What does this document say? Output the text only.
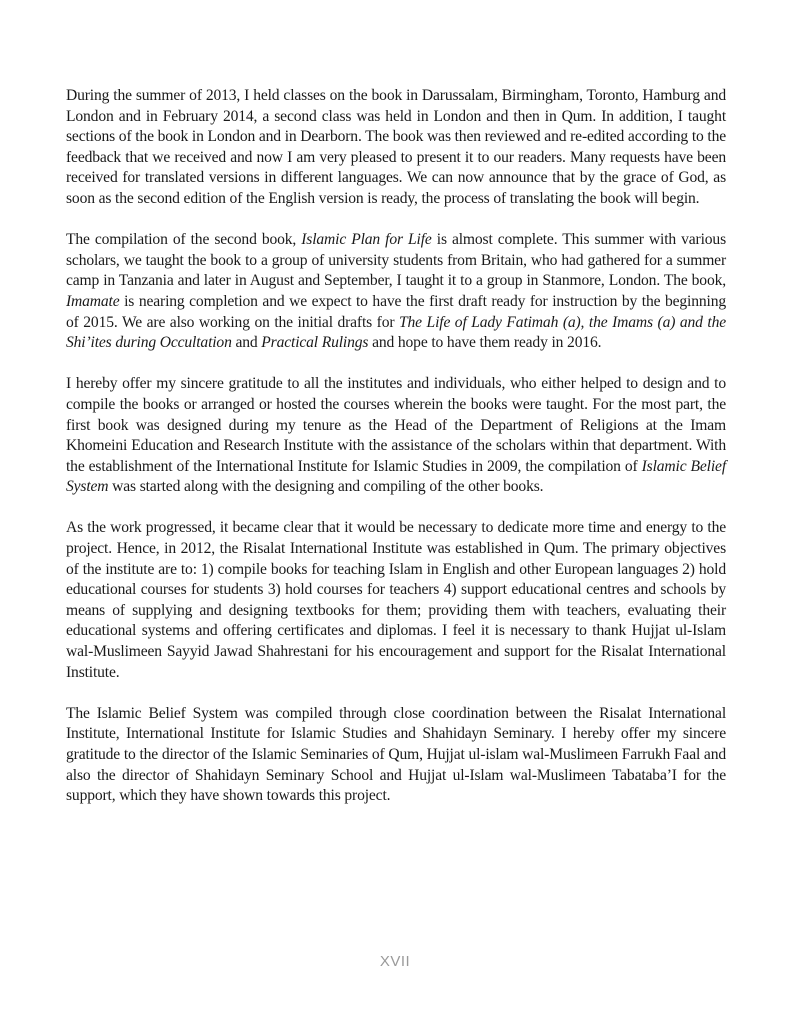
During the summer of 2013, I held classes on the book in Darussalam, Birmingham, Toronto, Hamburg and London and in February 2014, a second class was held in London and then in Qum. In addition, I taught sections of the book in London and in Dearborn. The book was then reviewed and re-edited according to the feedback that we received and now I am very pleased to present it to our readers. Many requests have been received for translated versions in different languages. We can now announce that by the grace of God, as soon as the second edition of the English version is ready, the process of translating the book will begin.

The compilation of the second book, Islamic Plan for Life is almost complete. This summer with various scholars, we taught the book to a group of university students from Britain, who had gathered for a summer camp in Tanzania and later in August and September, I taught it to a group in Stanmore, London. The book, Imamate is nearing completion and we expect to have the first draft ready for instruction by the beginning of 2015. We are also working on the initial drafts for The Life of Lady Fatimah (a), the Imams (a) and the Shi’ites during Occultation and Practical Rulings and hope to have them ready in 2016.

I hereby offer my sincere gratitude to all the institutes and individuals, who either helped to design and to compile the books or arranged or hosted the courses wherein the books were taught. For the most part, the first book was designed during my tenure as the Head of the Department of Religions at the Imam Khomeini Education and Research Institute with the assistance of the scholars within that department. With the establishment of the International Institute for Islamic Studies in 2009, the compilation of Islamic Belief System was started along with the designing and compiling of the other books.

As the work progressed, it became clear that it would be necessary to dedicate more time and energy to the project. Hence, in 2012, the Risalat International Institute was established in Qum. The primary objectives of the institute are to: 1) compile books for teaching Islam in English and other European languages 2) hold educational courses for students 3) hold courses for teachers 4) support educational centres and schools by means of supplying and designing textbooks for them; providing them with teachers, evaluating their educational systems and offering certificates and diplomas. I feel it is necessary to thank Hujjat ul-Islam wal-Muslimeen Sayyid Jawad Shahrestani for his encouragement and support for the Risalat International Institute.

The Islamic Belief System was compiled through close coordination between the Risalat International Institute, International Institute for Islamic Studies and Shahidayn Seminary. I hereby offer my sincere gratitude to the director of the Islamic Seminaries of Qum, Hujjat ul-islam wal-Muslimeen Farrukh Faal and also the director of Shahidayn Seminary School and Hujjat ul-Islam wal-Muslimeen Tabataba’I for the support, which they have shown towards this project.

XVII
